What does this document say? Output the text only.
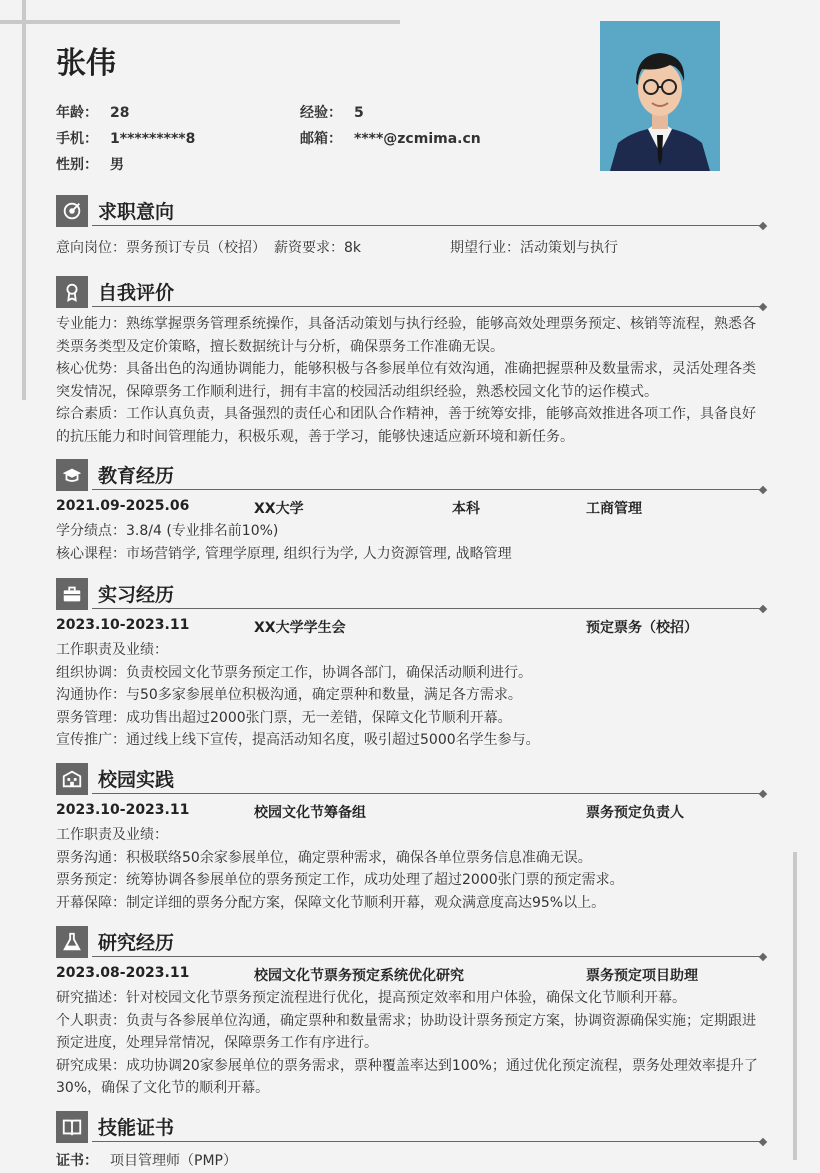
张伟
年龄： 28	经验： 5
手机： 1*********8	邮箱： ****@zcmima.cn
性别： 男
求职意向
意向岗位：票务预订专员（校招） 薪资要求：8k	期望行业：活动策划与执行
自我评价

专业能力：熟练掌握票务管理系统操作，具备活动策划与执行经验，能够高效处理票务预定、核销等流程，熟悉各类票务类型及定价策略，擅长数据统计与分析，确保票务工作准确无误。

核心优势：具备出色的沟通协调能力，能够积极与各参展单位有效沟通，准确把握票种及数量需求，灵活处理各类突发情况，保障票务工作顺利进行，拥有丰富的校园活动组织经验，熟悉校园文化节的运作模式。

综合素质：工作认真负责，具备强烈的责任心和团队合作精神，善于统筹安排，能够高效推进各项工作，具备良好的抗压能力和时间管理能力，积极乐观，善于学习，能够快速适应新环境和新任务。

教育经历
2021.09-2025.06	XX大学	本科	工商管理

学分绩点：3.8/4 (专业排名前10%)

核心课程：市场营销学, 管理学原理, 组织行为学, 人力资源管理, 战略管理

实习经历
2023.10-2023.11	XX大学学生会	预定票务（校招）

工作职责及业绩：

组织协调：负责校园文化节票务预定工作，协调各部门，确保活动顺利进行。

沟通协作：与50多家参展单位积极沟通，确定票种和数量，满足各方需求。

票务管理：成功售出超过2000张门票，无一差错，保障文化节顺利开幕。

宣传推广：通过线上线下宣传，提高活动知名度，吸引超过5000名学生参与。

校园实践
2023.10-2023.11	校园文化节筹备组	票务预定负责人

工作职责及业绩：

票务沟通：积极联络50余家参展单位，确定票种需求，确保各单位票务信息准确无误。

票务预定：统筹协调各参展单位的票务预定工作，成功处理了超过2000张门票的预定需求。

开幕保障：制定详细的票务分配方案，保障文化节顺利开幕，观众满意度高达95%以上。

研究经历
2023.08-2023.11	校园文化节票务预定系统优化研究	票务预定项目助理

研究描述：针对校园文化节票务预定流程进行优化，提高预定效率和用户体验，确保文化节顺利开幕。

个人职责：负责与各参展单位沟通，确定票种和数量需求；协助设计票务预定方案，协调资源确保实施；定期跟进预定进度，处理异常情况，保障票务工作有序进行。

研究成果：成功协调20家参展单位的票务需求，票种覆盖率达到100%；通过优化预定流程，票务处理效率提升了30%，确保了文化节的顺利开幕。

技能证书
证书： 项目管理师（PMP）
